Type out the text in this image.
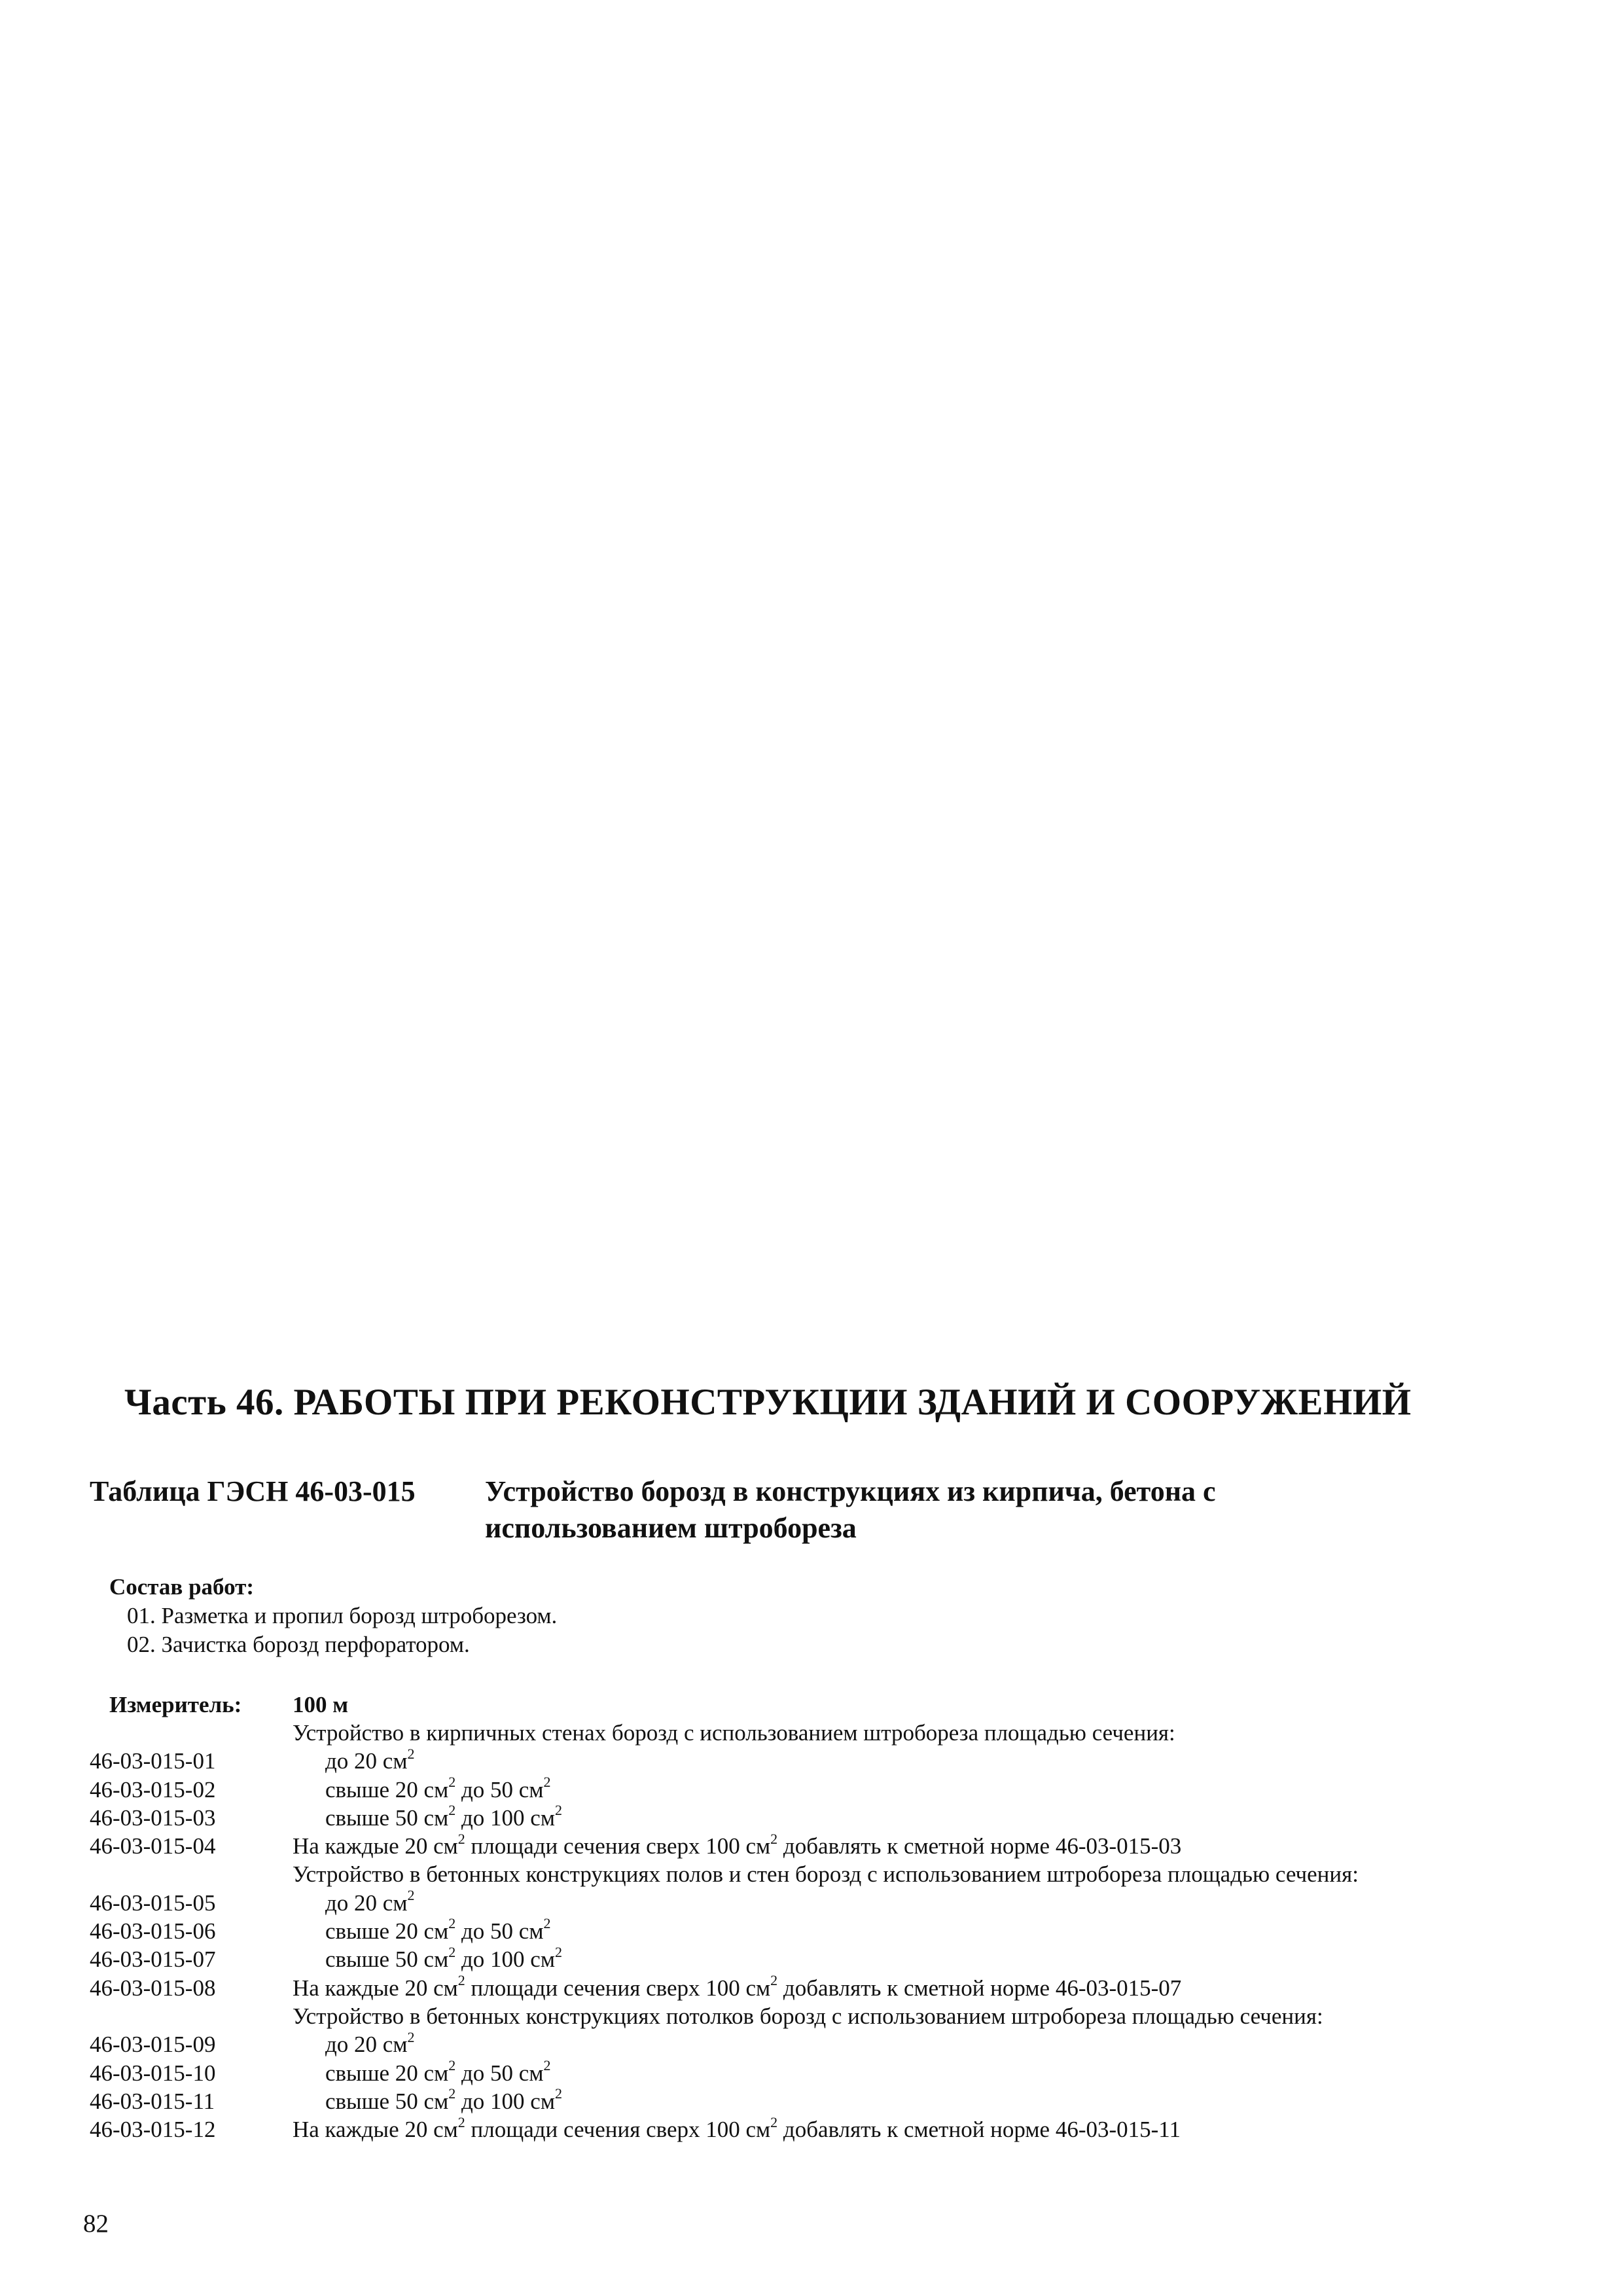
Часть 46. РАБОТЫ ПРИ РЕКОНСТРУКЦИИ ЗДАНИЙ И СООРУЖЕНИЙ
Таблица ГЭСН 46-03-015 Устройство борозд в конструкциях из кирпича, бетона с
использованием штробореза
Состав работ:
01. Разметка и пропил борозд штроборезом.
02. Зачистка борозд перфоратором.
Измеритель: 100 м
Устройство в кирпичных стенах борозд с использованием штробореза площадью сечения:
46-03-015-01	до 20 $см^2$
46-03-015-02	свыше 20 $см^2$ до 50 $см^2$
46-03-015-03	свыше 50 $см^2$ до 100 $см^2$
46-03-015-04	На каждые 20 $см^2$ площади сечения сверх 100 $см^2$ добавлять к сметной норме 46-03-015-03
Устройство в бетонных конструкциях полов и стен борозд с использованием штробореза площадью сечения:
46-03-015-05	до 20 $см^2$
46-03-015-06	свыше 20 $см^2$ до 50 $см^2$
46-03-015-07	свыше 50 $см^2$ до 100 $см^2$
46-03-015-08	На каждые 20 $см^2$ площади сечения сверх 100 $см^2$ добавлять к сметной норме 46-03-015-07
Устройство в бетонных конструкциях потолков борозд с использованием штробореза площадью сечения:
46-03-015-09	до 20 $см^2$
46-03-015-10	свыше 20 $см^2$ до 50 $см^2$
46-03-015-11	свыше 50 $см^2$ до 100 $см^2$
46-03-015-12	На каждые 20 $см^2$ площади сечения сверх 100 $см^2$ добавлять к сметной норме 46-03-015-11
82
